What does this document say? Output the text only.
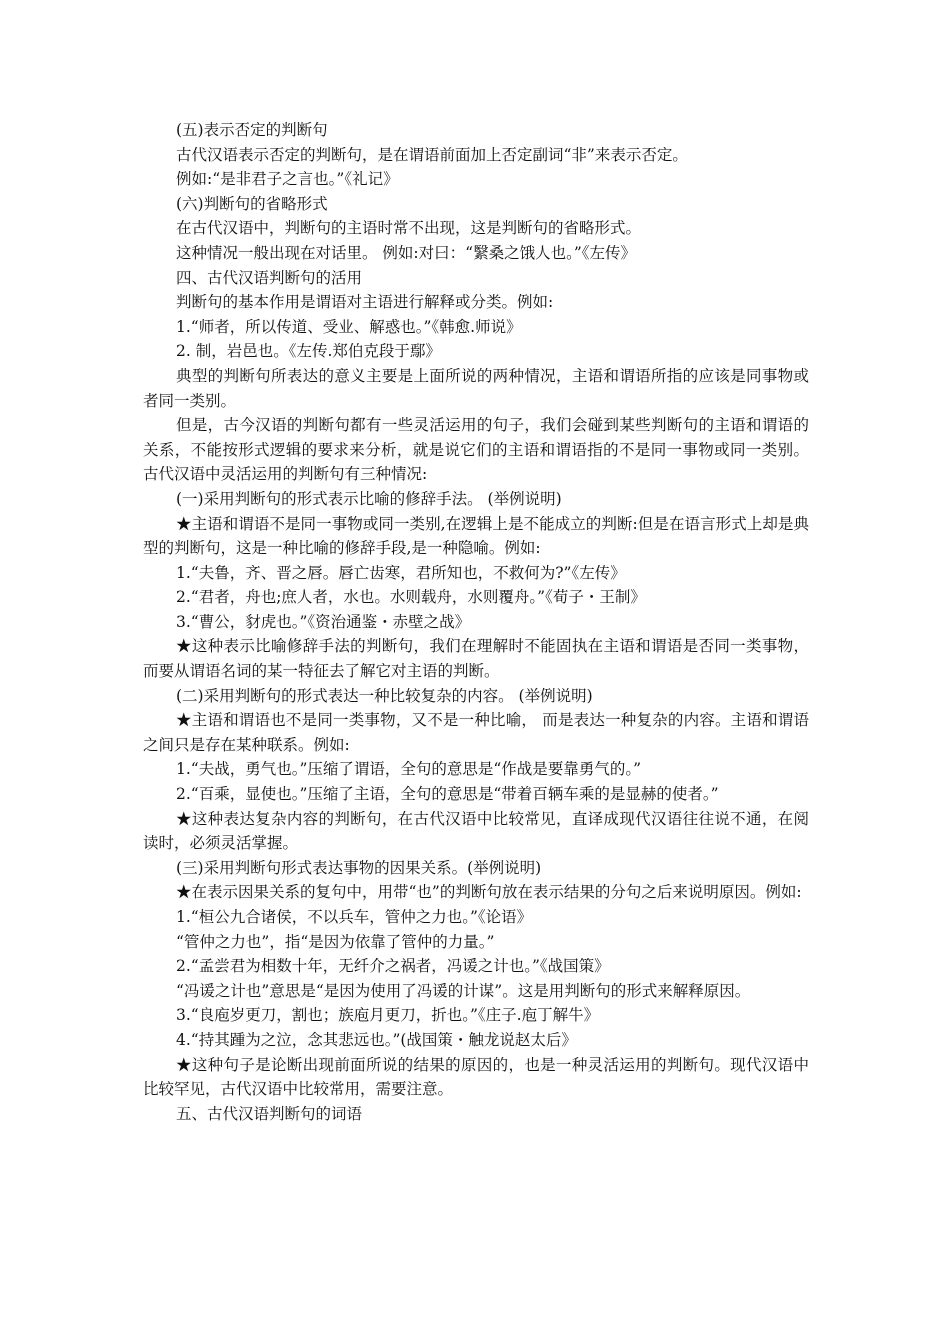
(五)表示否定的判断句
古代汉语表示否定的判断句，是在谓语前面加上否定副词“非”来表示否定。
例如:“是非君子之言也。”《礼记》
(六)判断句的省略形式
在古代汉语中，判断句的主语时常不出现，这是判断句的省略形式。
这种情况一般出现在对话里。 例如:对曰：“繄桑之饿人也。”《左传》
四、古代汉语判断句的活用
判断句的基本作用是谓语对主语进行解释或分类。例如:
1.“师者，所以传道、受业、解惑也。”《韩愈.师说》
2. 制，岩邑也。《左传.郑伯克段于鄢》
典型的判断句所表达的意义主要是上面所说的两种情况，主语和谓语所指的应该是同事物或者同一类别。
但是，古今汉语的判断句都有一些灵活运用的句子，我们会碰到某些判断句的主语和谓语的关系，不能按形式逻辑的要求来分析，就是说它们的主语和谓语指的不是同一事物或同一类别。古代汉语中灵活运用的判断句有三种情况:
(一)采用判断句的形式表示比喻的修辞手法。 (举例说明)
★主语和谓语不是同一事物或同一类别,在逻辑上是不能成立的判断:但是在语言形式上却是典型的判断句，这是一种比喻的修辞手段,是一种隐喻。例如:
1.“夫鲁，齐、晋之唇。唇亡齿寒，君所知也，不救何为?”《左传》
2.“君者，舟也;庶人者，水也。水则载舟，水则覆舟。”《荀子・王制》
3.“曹公，豺虎也。”《资治通鉴・赤壁之战》
★这种表示比喻修辞手法的判断句，我们在理解时不能固执在主语和谓语是否同一类事物，而要从谓语名词的某一特征去了解它对主语的判断。
(二)采用判断句的形式表达一种比较复杂的内容。 (举例说明)
★主语和谓语也不是同一类事物，又不是一种比喻， 而是表达一种复杂的内容。主语和谓语之间只是存在某种联系。例如:
1.“夫战，勇气也。”压缩了谓语，全句的意思是“作战是要靠勇气的。”
2.“百乘，显使也。”压缩了主语，全句的意思是“带着百辆车乘的是显赫的使者。”
★这种表达复杂内容的判断句，在古代汉语中比较常见，直译成现代汉语往往说不通，在阅读时，必须灵活掌握。
(三)采用判断句形式表达事物的因果关系。(举例说明)
★在表示因果关系的复句中，用带“也”的判断句放在表示结果的分句之后来说明原因。例如:
1.“桓公九合诸侯，不以兵车，管仲之力也。”《论语》
“管仲之力也”，指“是因为依靠了管仲的力量。”
2.“孟尝君为相数十年，无纤介之祸者，冯谖之计也。”《战国策》
“冯谖之计也”意思是“是因为使用了冯谖的计谋”。这是用判断句的形式来解释原因。
3.“良庖岁更刀，割也；族庖月更刀，折也。”《庄子.庖丁解牛》
4.“持其踵为之泣，念其悲远也。”(战国策・触龙说赵太后》
★这种句子是论断出现前面所说的结果的原因的，也是一种灵活运用的判断句。现代汉语中比较罕见，古代汉语中比较常用，需要注意。
五、古代汉语判断句的词语
